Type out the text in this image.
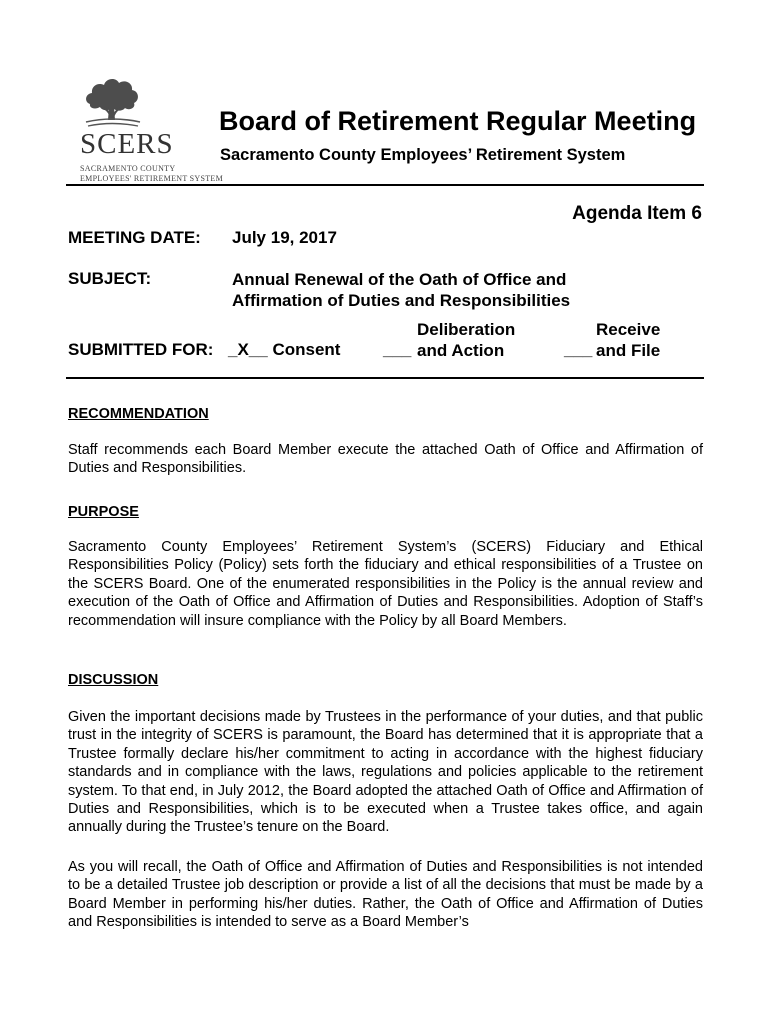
SCERS
SACRAMENTO COUNTY
EMPLOYEES' RETIREMENT SYSTEM
Board of Retirement Regular Meeting
Sacramento County Employees’ Retirement System
Agenda Item 6
MEETING DATE: July 19, 2017
SUBJECT:	Annual Renewal of the Oath of Office and
Affirmation of Duties and Responsibilities
SUBMITTED FOR: _X__ Consent	___
Deliberation
and Action	___
Receive
and File
RECOMMENDATION

Staff recommends each Board Member execute the attached Oath of Office and Affirmation of Duties and Responsibilities.

PURPOSE

Sacramento County Employees’ Retirement System’s (SCERS) Fiduciary and Ethical Responsibilities Policy (Policy) sets forth the fiduciary and ethical responsibilities of a Trustee on the SCERS Board. One of the enumerated responsibilities in the Policy is the annual review and execution of the Oath of Office and Affirmation of Duties and Responsibilities. Adoption of Staff’s recommendation will insure compliance with the Policy by all Board Members.

DISCUSSION

Given the important decisions made by Trustees in the performance of your duties, and that public trust in the integrity of SCERS is paramount, the Board has determined that it is appropriate that a Trustee formally declare his/her commitment to acting in accordance with the highest fiduciary standards and in compliance with the laws, regulations and policies applicable to the retirement system. To that end, in July 2012, the Board adopted the attached Oath of Office and Affirmation of Duties and Responsibilities, which is to be executed when a Trustee takes office, and again annually during the Trustee’s tenure on the Board.

As you will recall, the Oath of Office and Affirmation of Duties and Responsibilities is not intended to be a detailed Trustee job description or provide a list of all the decisions that must be made by a Board Member in performing his/her duties. Rather, the Oath of Office and Affirmation of Duties and Responsibilities is intended to serve as a Board Member’s
